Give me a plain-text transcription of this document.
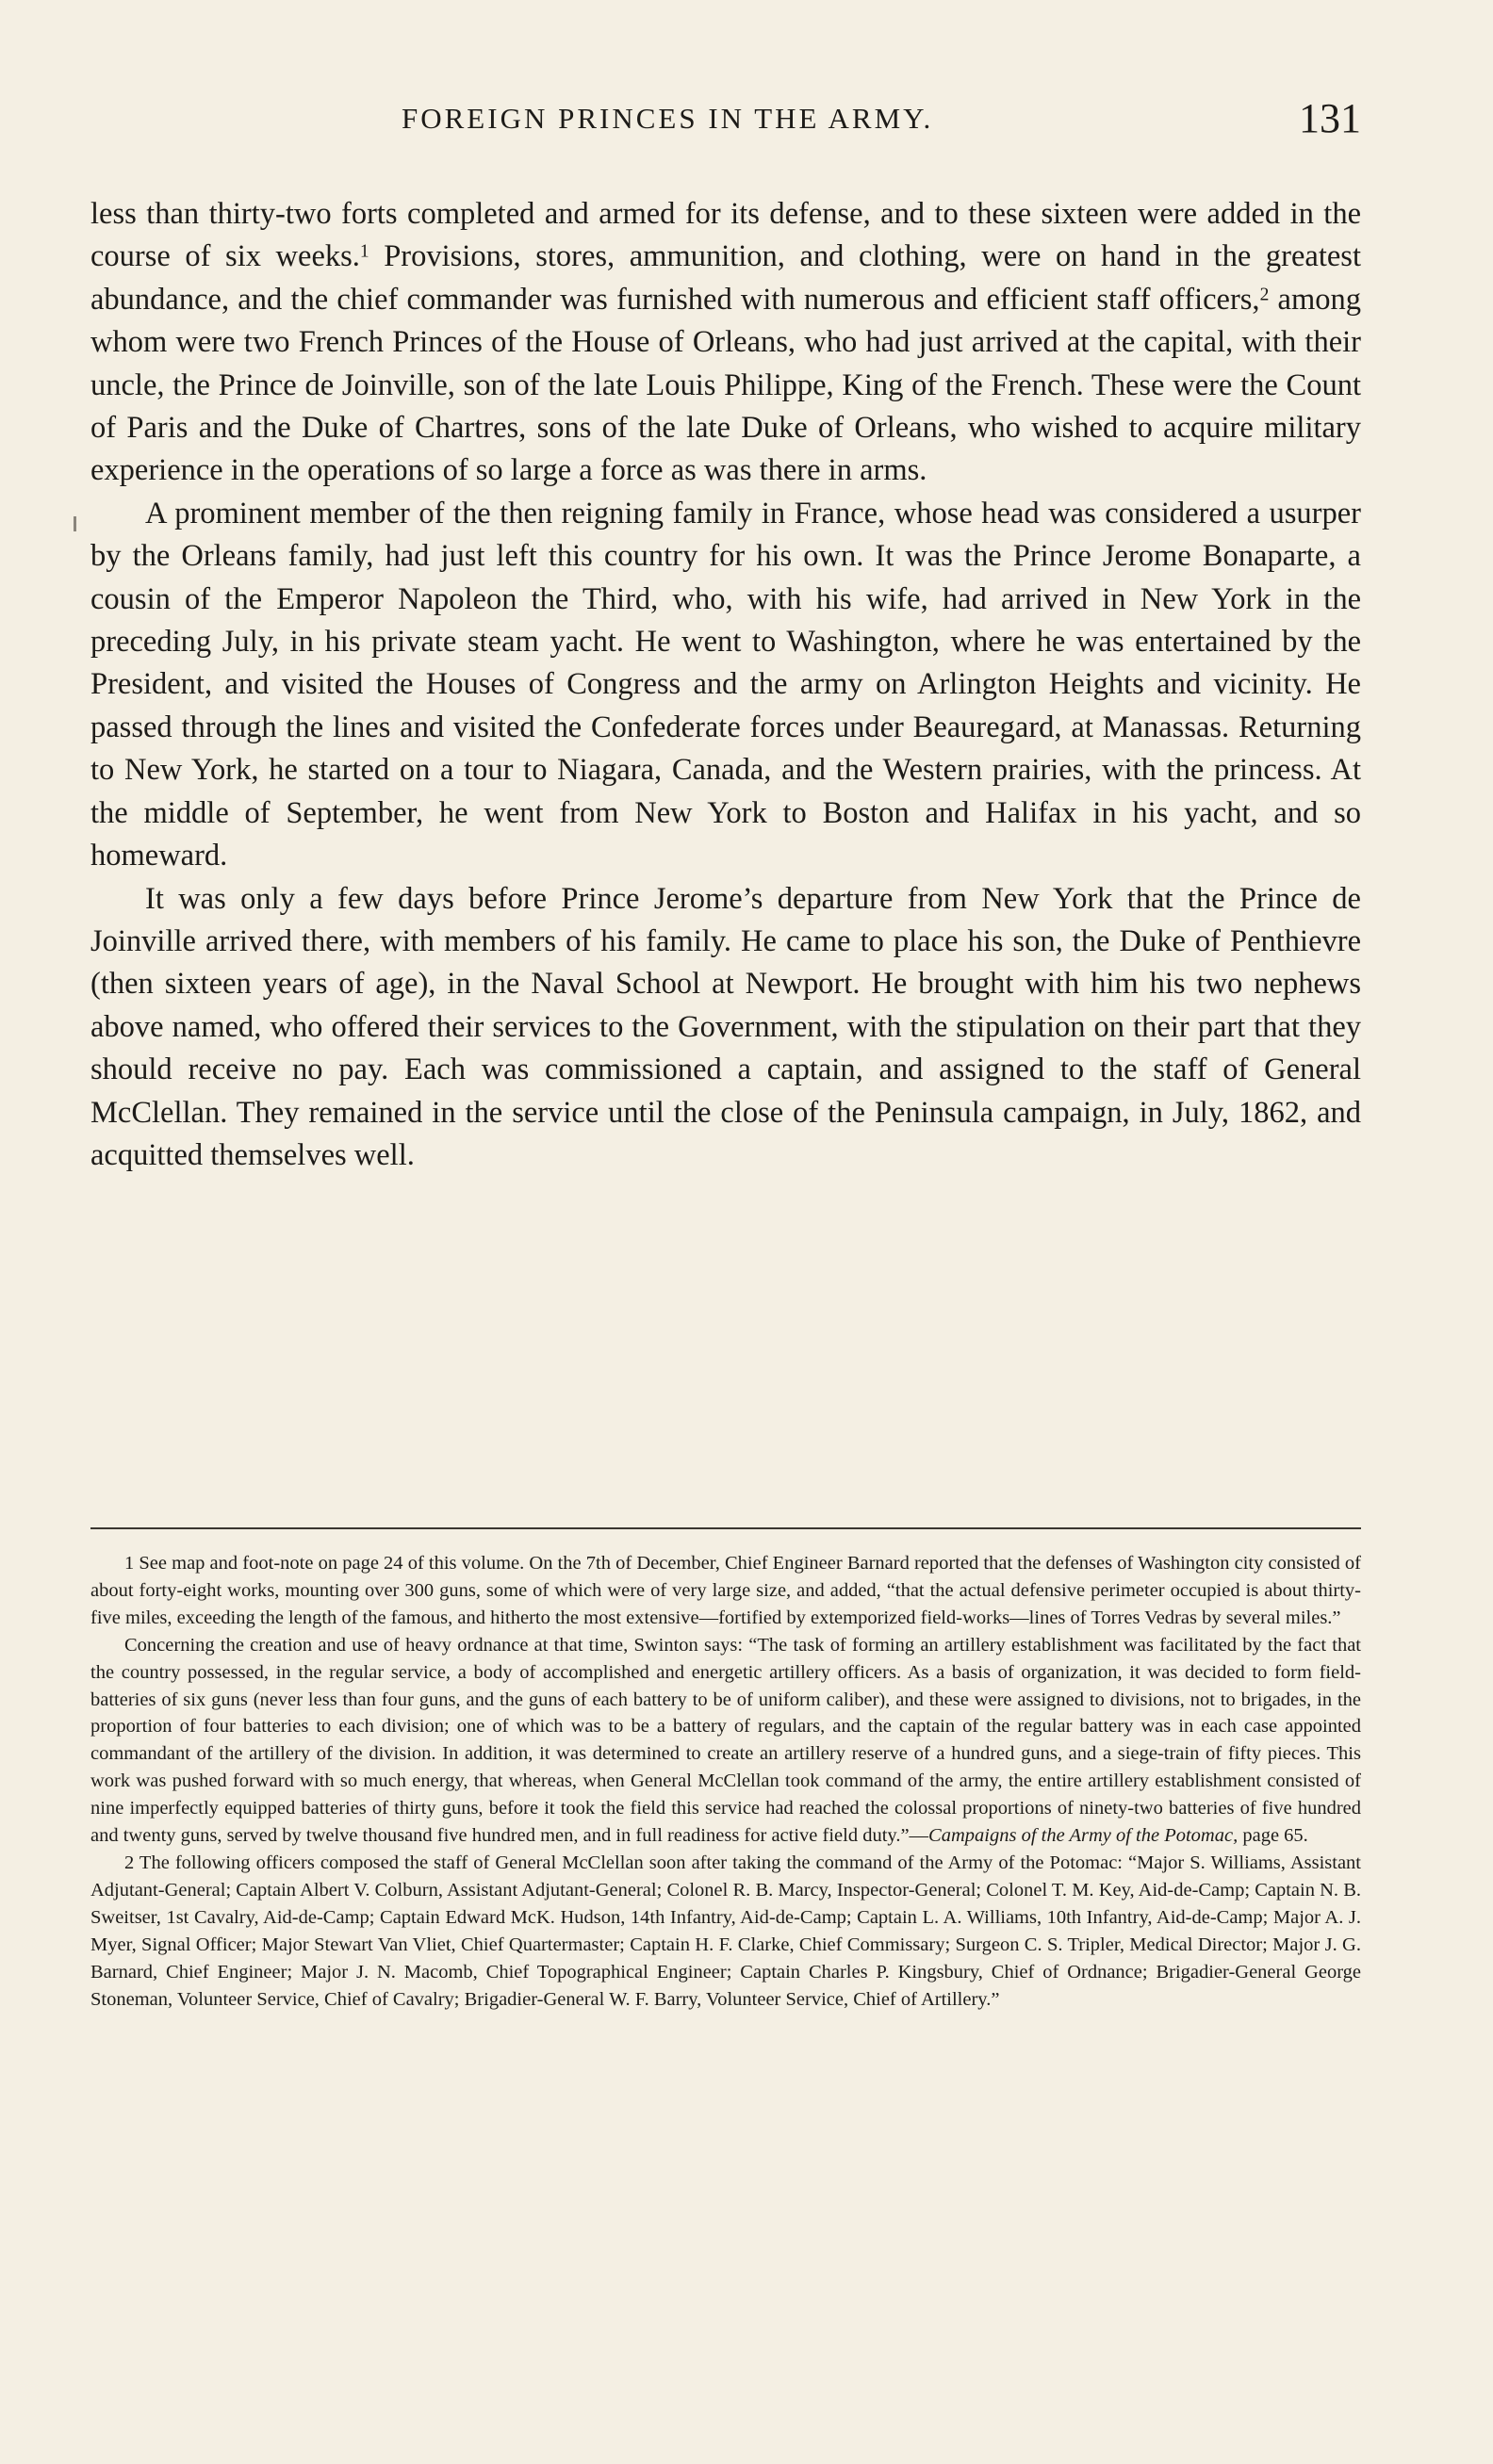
FOREIGN PRINCES IN THE ARMY.	131

less than thirty-two forts completed and armed for its defense, and to these sixteen were added in the course of six weeks.$^1$ Provisions, stores, ammunition, and clothing, were on hand in the greatest abundance, and the chief commander was furnished with numerous and efficient staff officers,$^2$ among whom were two French Princes of the House of Orleans, who had just arrived at the capital, with their uncle, the Prince de Joinville, son of the late Louis Philippe, King of the French. These were the Count of Paris and the Duke of Chartres, sons of the late Duke of Orleans, who wished to acquire military experience in the operations of so large a force as was there in arms.

A prominent member of the then reigning family in France, whose head was considered a usurper by the Orleans family, had just left this country for his own. It was the Prince Jerome Bonaparte, a cousin of the Emperor Napoleon the Third, who, with his wife, had arrived in New York in the preceding July, in his private steam yacht. He went to Washington, where he was entertained by the President, and visited the Houses of Congress and the army on Arlington Heights and vicinity. He passed through the lines and visited the Confederate forces under Beauregard, at Manassas. Returning to New York, he started on a tour to Niagara, Canada, and the Western prairies, with the princess. At the middle of September, he went from New York to Boston and Halifax in his yacht, and so homeward.

It was only a few days before Prince Jerome’s departure from New York that the Prince de Joinville arrived there, with members of his family. He came to place his son, the Duke of Penthievre (then sixteen years of age), in the Naval School at Newport. He brought with him his two nephews above named, who offered their services to the Government, with the stipulation on their part that they should receive no pay. Each was commissioned a captain, and assigned to the staff of General McClellan. They remained in the service until the close of the Peninsula campaign, in July, 1862, and acquitted themselves well.

1 See map and foot-note on page 24 of this volume. On the 7th of December, Chief Engineer Barnard reported that the defenses of Washington city consisted of about forty-eight works, mounting over 300 guns, some of which were of very large size, and added, “that the actual defensive perimeter occupied is about thirty-five miles, exceeding the length of the famous, and hitherto the most extensive—fortified by extemporized field-works—lines of Torres Vedras by several miles.”

Concerning the creation and use of heavy ordnance at that time, Swinton says: “The task of forming an artillery establishment was facilitated by the fact that the country possessed, in the regular service, a body of accomplished and energetic artillery officers. As a basis of organization, it was decided to form field-batteries of six guns (never less than four guns, and the guns of each battery to be of uniform caliber), and these were assigned to divisions, not to brigades, in the proportion of four batteries to each division; one of which was to be a battery of regulars, and the captain of the regular battery was in each case appointed commandant of the artillery of the division. In addition, it was determined to create an artillery reserve of a hundred guns, and a siege-train of fifty pieces. This work was pushed forward with so much energy, that whereas, when General McClellan took command of the army, the entire artillery establishment consisted of nine imperfectly equipped batteries of thirty guns, before it took the field this service had reached the colossal proportions of ninety-two batteries of five hundred and twenty guns, served by twelve thousand five hundred men, and in full readiness for active field duty.”—Campaigns of the Army of the Potomac, page 65.

2 The following officers composed the staff of General McClellan soon after taking the command of the Army of the Potomac: “Major S. Williams, Assistant Adjutant-General; Captain Albert V. Colburn, Assistant Adjutant-General; Colonel R. B. Marcy, Inspector-General; Colonel T. M. Key, Aid-de-Camp; Captain N. B. Sweitser, 1st Cavalry, Aid-de-Camp; Captain Edward McK. Hudson, 14th Infantry, Aid-de-Camp; Captain L. A. Williams, 10th Infantry, Aid-de-Camp; Major A. J. Myer, Signal Officer; Major Stewart Van Vliet, Chief Quartermaster; Captain H. F. Clarke, Chief Commissary; Surgeon C. S. Tripler, Medical Director; Major J. G. Barnard, Chief Engineer; Major J. N. Macomb, Chief Topographical Engineer; Captain Charles P. Kingsbury, Chief of Ordnance; Brigadier-General George Stoneman, Volunteer Service, Chief of Cavalry; Brigadier-General W. F. Barry, Volunteer Service, Chief of Artillery.”
